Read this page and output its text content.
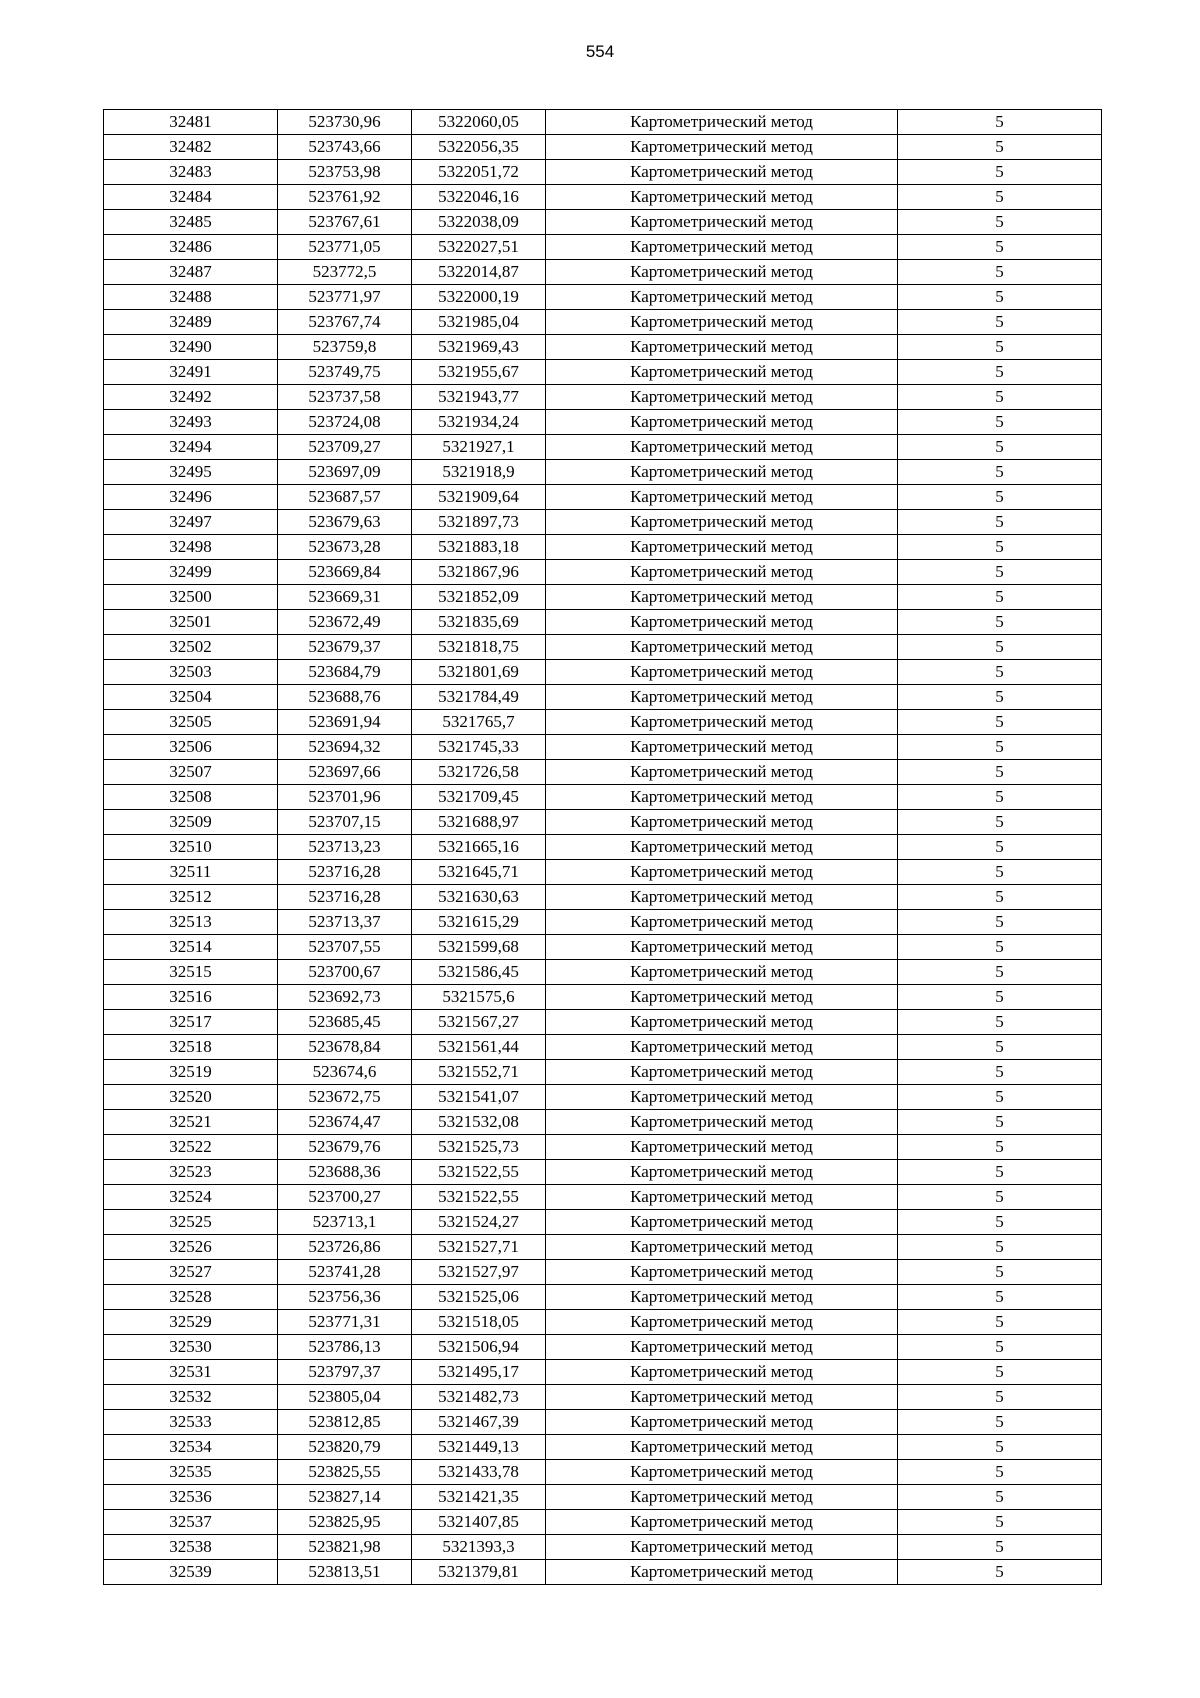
554
32481	523730,96	5322060,05	Картометрический метод	5
32482	523743,66	5322056,35	Картометрический метод	5
32483	523753,98	5322051,72	Картометрический метод	5
32484	523761,92	5322046,16	Картометрический метод	5
32485	523767,61	5322038,09	Картометрический метод	5
32486	523771,05	5322027,51	Картометрический метод	5
32487	523772,5	5322014,87	Картометрический метод	5
32488	523771,97	5322000,19	Картометрический метод	5
32489	523767,74	5321985,04	Картометрический метод	5
32490	523759,8	5321969,43	Картометрический метод	5
32491	523749,75	5321955,67	Картометрический метод	5
32492	523737,58	5321943,77	Картометрический метод	5
32493	523724,08	5321934,24	Картометрический метод	5
32494	523709,27	5321927,1	Картометрический метод	5
32495	523697,09	5321918,9	Картометрический метод	5
32496	523687,57	5321909,64	Картометрический метод	5
32497	523679,63	5321897,73	Картометрический метод	5
32498	523673,28	5321883,18	Картометрический метод	5
32499	523669,84	5321867,96	Картометрический метод	5
32500	523669,31	5321852,09	Картометрический метод	5
32501	523672,49	5321835,69	Картометрический метод	5
32502	523679,37	5321818,75	Картометрический метод	5
32503	523684,79	5321801,69	Картометрический метод	5
32504	523688,76	5321784,49	Картометрический метод	5
32505	523691,94	5321765,7	Картометрический метод	5
32506	523694,32	5321745,33	Картометрический метод	5
32507	523697,66	5321726,58	Картометрический метод	5
32508	523701,96	5321709,45	Картометрический метод	5
32509	523707,15	5321688,97	Картометрический метод	5
32510	523713,23	5321665,16	Картометрический метод	5
32511	523716,28	5321645,71	Картометрический метод	5
32512	523716,28	5321630,63	Картометрический метод	5
32513	523713,37	5321615,29	Картометрический метод	5
32514	523707,55	5321599,68	Картометрический метод	5
32515	523700,67	5321586,45	Картометрический метод	5
32516	523692,73	5321575,6	Картометрический метод	5
32517	523685,45	5321567,27	Картометрический метод	5
32518	523678,84	5321561,44	Картометрический метод	5
32519	523674,6	5321552,71	Картометрический метод	5
32520	523672,75	5321541,07	Картометрический метод	5
32521	523674,47	5321532,08	Картометрический метод	5
32522	523679,76	5321525,73	Картометрический метод	5
32523	523688,36	5321522,55	Картометрический метод	5
32524	523700,27	5321522,55	Картометрический метод	5
32525	523713,1	5321524,27	Картометрический метод	5
32526	523726,86	5321527,71	Картометрический метод	5
32527	523741,28	5321527,97	Картометрический метод	5
32528	523756,36	5321525,06	Картометрический метод	5
32529	523771,31	5321518,05	Картометрический метод	5
32530	523786,13	5321506,94	Картометрический метод	5
32531	523797,37	5321495,17	Картометрический метод	5
32532	523805,04	5321482,73	Картометрический метод	5
32533	523812,85	5321467,39	Картометрический метод	5
32534	523820,79	5321449,13	Картометрический метод	5
32535	523825,55	5321433,78	Картометрический метод	5
32536	523827,14	5321421,35	Картометрический метод	5
32537	523825,95	5321407,85	Картометрический метод	5
32538	523821,98	5321393,3	Картометрический метод	5
32539	523813,51	5321379,81	Картометрический метод	5
